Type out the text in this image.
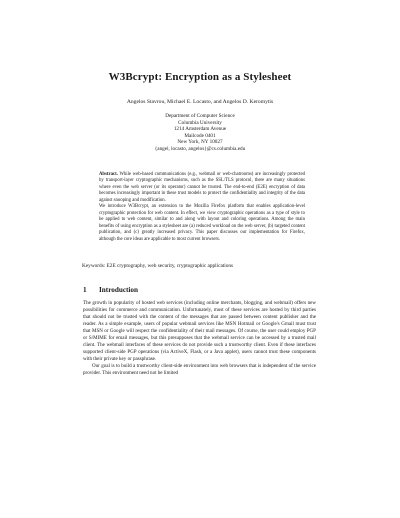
W3Bcrypt: Encryption as a Stylesheet
Angelos Stavrou, Michael E. Locasto, and Angelos D. Keromytis
Department of Computer Science
Columbia University
1214 Amsterdam Avenue
Mailcode 0401
New York, NY 10027
{angel, locasto, angelos}@cs.columbia.edu

Abstract. While web-based communications (e.g., webmail or web-chatrooms) are increasingly protected by transport-layer cryptographic mechanisms, such as the SSL/TLS protocol, there are many situations where even the web server (or its operator) cannot be trusted. The end-to-end (E2E) encryption of data becomes increasingly important in these trust models to protect the confidentiality and integrity of the data against snooping and modification.

We introduce W3Bcrypt, an extension to the Mozilla Firefox platform that enables application-level cryptographic protection for web content. In effect, we view cryptographic operations as a type of style to be applied to web content, similar to and along with layout and coloring operations. Among the main benefits of using encryption as a stylesheet are (a) reduced workload on the web server, (b) targeted content publication, and (c) greatly increased privacy. This paper discusses our implementation for Firefox, although the core ideas are applicable to most current browsers.

Keywords: E2E cryptography, web security, cryptographic applications
1 Introduction

The growth in popularity of hosted web services (including online merchants, blogging, and webmail) offers new possibilities for commerce and communication. Unfortunately, most of these services are hosted by third parties that should not be trusted with the content of the messages that are passed between content publisher and the reader. As a simple example, users of popular webmail services like MSN Hotmail or Google's Gmail must trust that MSN or Google will respect the confidentiality of their mail messages. Of course, the user could employ PGP or S/MIME for email messages, but this presupposes that the webmail service can be accessed by a trusted mail client. The webmail interfaces of these services do not provide such a trustworthy client. Even if these interfaces supported client-side PGP operations (via ActiveX, Flash, or a Java applet), users cannot trust these components with their private key or passphrase.

Our goal is to build a trustworthy client-side environment into web browsers that is independent of the service provider. This environment need not be limited
